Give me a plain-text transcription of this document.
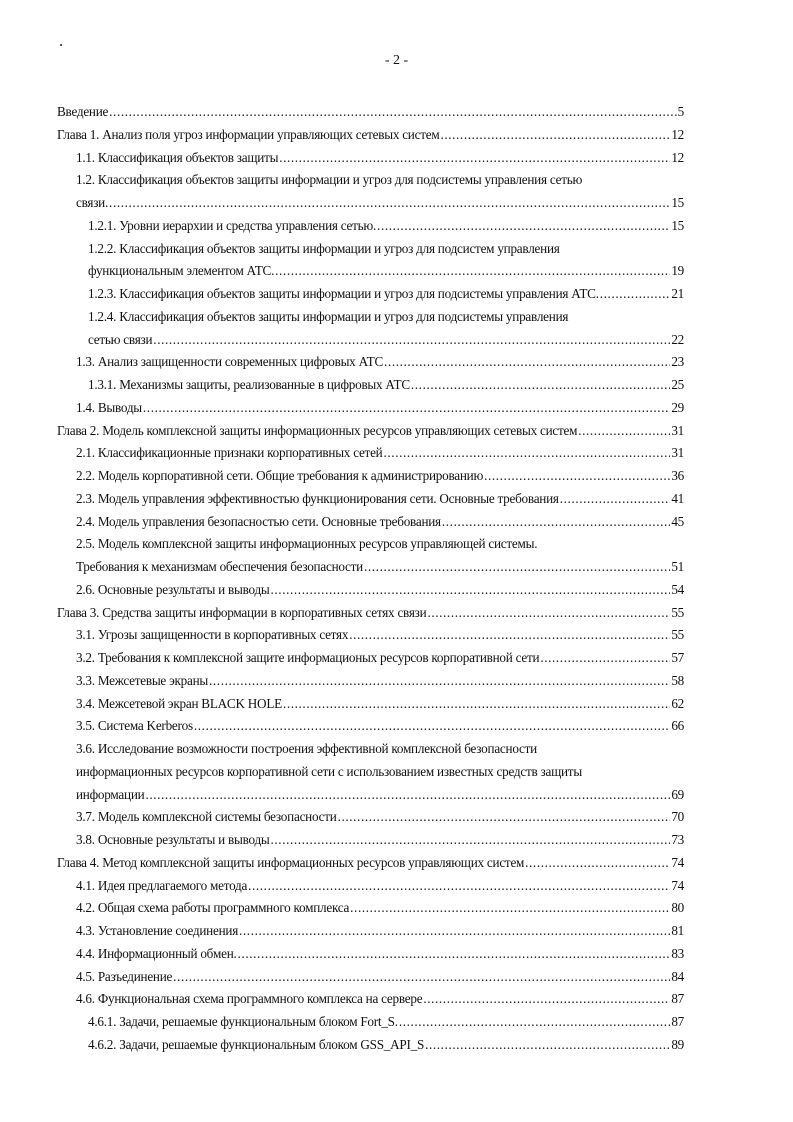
- 2 -
Введение .....	5
Глава 1. Анализ поля угроз информации управляющих сетевых систем .....	12
1.1. Классификация объектов защиты .....	12
1.2. Классификация объектов защиты информации и угроз для подсистемы управления сетью
связи. .....	15
1.2.1. Уровни иерархии и средства управления сетью. .....	15
1.2.2. Классификация объектов защиты информации и угроз для подсистем управления
функциональным элементом АТС. .....	19
1.2.3. Классификация объектов защиты информации и угроз для подсистемы управления АТС. .....	21
1.2.4. Классификация объектов защиты информации и угроз для подсистемы управления
сетью связи .....	22
1.3. Анализ защищенности современных цифровых АТС .....	23
1.3.1. Механизмы защиты, реализованные в цифровых АТС .....	25
1.4. Выводы .....	29
Глава 2. Модель комплексной защиты информационных ресурсов управляющих сетевых систем .....	31
2.1. Классификационные признаки корпоративных сетей .....	31
2.2. Модель корпоративной сети. Общие требования к администрированию .....	36
2.3. Модель управления эффективностью функционирования сети. Основные требования .....	41
2.4. Модель управления безопасностью сети. Основные требования .....	45
2.5. Модель комплексной защиты информационных ресурсов управляющей системы.
Требования к механизмам обеспечения безопасности .....	51
2.6. Основные результаты и выводы .....	54
Глава 3. Средства защиты информации в корпоративных сетях связи .....	55
3.1. Угрозы защищенности в корпоративных сетях .....	55
3.2. Требования к комплексной защите информационых ресурсов корпоративной сети .....	57
3.3. Межсетевые экраны .....	58
3.4. Межсетевой экран BLACK HOLE .....	62
3.5. Система Kerberos .....	66
3.6. Исследование возможности построения эффективной комплексной безопасности
информационных ресурсов корпоративной сети с использованием известных средств защиты
информации .....	69
3.7. Модель комплексной системы безопасности .....	70
3.8. Основные результаты и выводы .....	73
Глава 4. Метод комплексной защиты информационных ресурсов управляющих систем .....	74
4.1. Идея предлагаемого метода .....	74
4.2. Общая схема работы программного комплекса .....	80
4.3. Установление соединения .....	81
4.4. Информационный обмен. .....	83
4.5. Разъединение .....	84
4.6. Функциональная схема программного комплекса на сервере .....	87
4.6.1. Задачи, решаемые функциональным блоком Fort_S. .....	87
4.6.2. Задачи, решаемые функциональным блоком GSS_API_S .....	89
